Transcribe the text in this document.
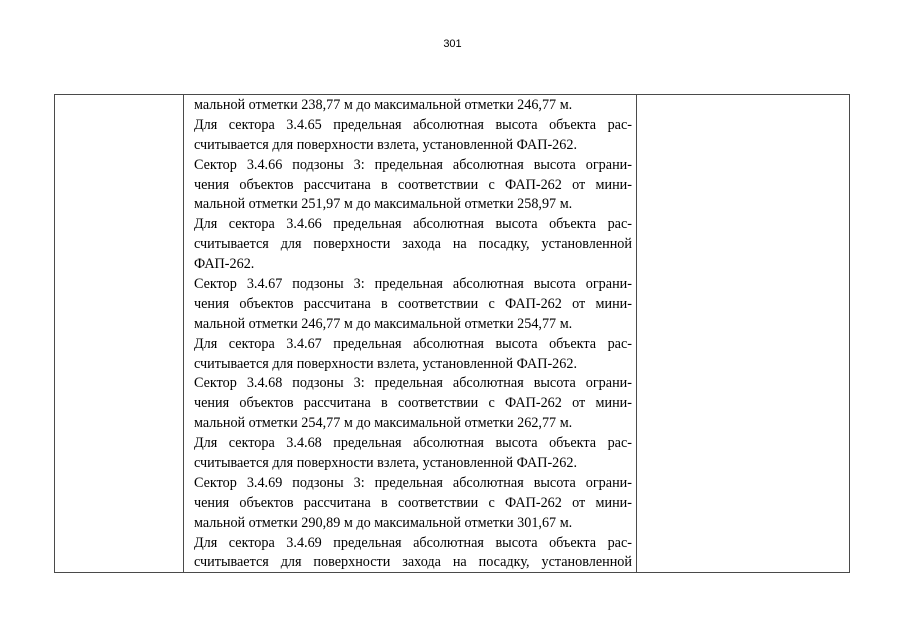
301
мальной отметки 238,77 м до максимальной отметки 246,77 м.
Для сектора 3.4.65 предельная абсолютная высота объекта рас-
считывается для поверхности взлета, установленной ФАП-262.
Сектор 3.4.66 подзоны 3: предельная абсолютная высота ограни-
чения объектов рассчитана в соответствии с ФАП-262 от мини-
мальной отметки 251,97 м до максимальной отметки 258,97 м.
Для сектора 3.4.66 предельная абсолютная высота объекта рас-
считывается для поверхности захода на посадку, установленной
ФАП-262.
Сектор 3.4.67 подзоны 3: предельная абсолютная высота ограни-
чения объектов рассчитана в соответствии с ФАП-262 от мини-
мальной отметки 246,77 м до максимальной отметки 254,77 м.
Для сектора 3.4.67 предельная абсолютная высота объекта рас-
считывается для поверхности взлета, установленной ФАП-262.
Сектор 3.4.68 подзоны 3: предельная абсолютная высота ограни-
чения объектов рассчитана в соответствии с ФАП-262 от мини-
мальной отметки 254,77 м до максимальной отметки 262,77 м.
Для сектора 3.4.68 предельная абсолютная высота объекта рас-
считывается для поверхности взлета, установленной ФАП-262.
Сектор 3.4.69 подзоны 3: предельная абсолютная высота ограни-
чения объектов рассчитана в соответствии с ФАП-262 от мини-
мальной отметки 290,89 м до максимальной отметки 301,67 м.
Для сектора 3.4.69 предельная абсолютная высота объекта рас-
считывается для поверхности захода на посадку, установленной
